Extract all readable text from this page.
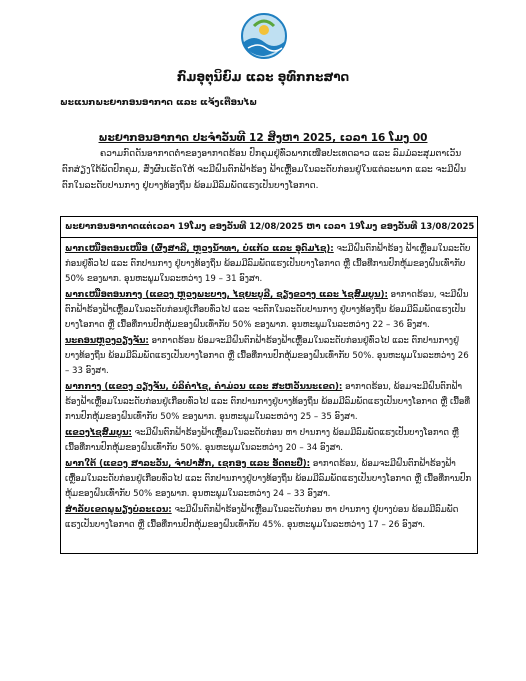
ກົມອຸຕຸນິຍົມ ແລະ ອຸທົກກະສາດ
ພະແນກພະຍາກອນອາກາດ ແລະ ແຈ້ງເຕືອນໄພ
ພະຍາກອນອາກາດ ປະຈຳວັນທີ 12 ສິງຫາ 2025, ເວລາ 16 ໂມງ 00
ຄວາມກົດດັນອາກາດຕ່ຳຂອງອາກາດຮ້ອນ ປົກຄຸມຢູ່ທົ່ວພາກເໜືອປະເທດລາວ ແລະ ລົມມໍລະສຸມຕາເວັນຕົກສ່ຽງໃຕ້ພັດປົກຄຸມ, ສົ່ງຜົນເຮັດໃຫ້ ຈະມີຝົນຕົກຟ້າຮ້ອງ ຟ້າເຫຼື້ອມໃນລະດັບກ່ອນຢູ່ໃນແຕ່ລະພາກ ແລະ ຈະມີຝົນຕົກໃນລະດັບປານກາງ ຢູ່ບາງທ້ອງຖິ່ນ ພ້ອມມີລົມພັດແຮງເປັນບາງໂອກາດ.
ພະຍາກອນອາກາດແຕ່ເວລາ 19ໂມງ ຂອງວັນທີ 12/08/2025 ຫາ ເວລາ 19ໂມງ ຂອງວັນທີ 13/08/2025
ພາກເໜືອຕອນເໜືອ (ຜົ້ງສາລີ, ຫຼວງນ້ຳທາ, ບໍ່ແກ້ວ ແລະ ອຸດົມໄຊ): ຈະມີຝົນຕົກຟ້າຮ້ອງ ຟ້າເຫຼື້ອມໃນລະດັບກ່ອນຢູ່ທົ່ວໄປ ແລະ ຕົກປານກາງ ຢູ່ບາງທ້ອງຖິ່ນ ພ້ອມມີລົມພັດແຮງເປັນບາງໂອກາດ ຫຼື ເນື້ອທີ່ການປົກຫຸ້ມຂອງຝົນເທົ່າກັບ 50% ຂອງພາກ. ອຸນຫະພູມໃນລະຫວ່າງ 19 – 31 ອົງສາ.
ພາກເໜືອຕອນກາງ (ແຂວງ ຫຼວງພະບາງ, ໄຊຍະບູລີ, ຊຽງຂວາງ ແລະ ໄຊສົມບູນ): ອາກາດຮ້ອນ, ຈະມີຝົນຕົກຟ້າຮ້ອງຟ້າເຫຼື້ອມໃນລະດັບກ່ອນຢູ່ເກືອບທົ່ວໄປ ແລະ ຈະຕົກໃນລະດັບປານກາງ ຢູ່ບາງທ້ອງຖິ່ນ ພ້ອມມີລົມພັດແຮງເປັນບາງໂອກາດ ຫຼື ເນື້ອທີ່ການປົກຫຸ້ມຂອງຝົນເທົ່າກັບ 50% ຂອງພາກ. ອຸນຫະພູມໃນລະຫວ່າງ 22 – 36 ອົງສາ.
ນະຄອນຫຼວງວຽງຈັນ: ອາກາດຮ້ອນ ພ້ອມຈະມີຝົນຕົກຟ້າຮ້ອງຟ້າເຫຼື້ອມໃນລະດັບກ່ອນຢູ່ທົ່ວໄປ ແລະ ຕົກປານກາງຢູ່ບາງທ້ອງຖິ່ນ ພ້ອມມີລົມພັດແຮງເປັນບາງໂອກາດ ຫຼື ເນື້ອທີ່ການປົກຫຸ້ມຂອງຝົນເທົ່າກັບ 50%. ອຸນຫະພູມໃນລະຫວ່າງ 26 – 33 ອົງສາ.
ພາກກາງ (ແຂວງ ວຽງຈັນ, ບໍລິຄຳໄຊ, ຄຳມ່ວນ ແລະ ສະຫວັນນະເຂດ): ອາກາດຮ້ອນ, ພ້ອມຈະມີຝົນຕົກຟ້າຮ້ອງຟ້າເຫຼື້ອມໃນລະດັບກ່ອນຢູ່ເກືອບທົ່ວໄປ ແລະ ຕົກປານກາງຢູ່ບາງທ້ອງຖິ່ນ ພ້ອມມີລົມພັດແຮງເປັນບາງໂອກາດ ຫຼື ເນື້ອທີ່ການປົກຫຸ້ມຂອງຝົນເທົ່າກັບ 50% ຂອງພາກ. ອຸນຫະພູມໃນລະຫວ່າງ 25 – 35 ອົງສາ.
ແຂວງໄຊສົມບູນ: ຈະມີຝົນຕົກຟ້າຮ້ອງຟ້າເຫຼື້ອມໃນລະດັບກ່ອນ ຫາ ປານກາງ ພ້ອມມີລົມພັດແຮງເປັນບາງໂອກາດ ຫຼື ເນື້ອທີ່ການປົກຫຸ້ມຂອງຝົນເທົ່າກັບ 50%. ອຸນຫະພູມໃນລະຫວ່າງ 20 – 34 ອົງສາ.
ພາກໃຕ້ (ແຂວງ ສາລະວັນ, ຈຳປາສັກ, ເຊກອງ ແລະ ອັດຕະປື): ອາກາດຮ້ອນ, ພ້ອມຈະມີຝົນຕົກຟ້າຮ້ອງຟ້າເຫຼື້ອມໃນລະດັບກ່ອນຢູ່ເກືອບທົ່ວໄປ ແລະ ຕົກປານກາງຢູ່ບາງທ້ອງຖິ່ນ ພ້ອມມີລົມພັດແຮງເປັນບາງໂອກາດ ຫຼື ເນື້ອທີ່ການປົກຫຸ້ມຂອງຝົນເທົ່າກັບ 50% ຂອງພາກ. ອຸນຫະພູມໃນລະຫວ່າງ 24 – 33 ອົງສາ.
ສຳລັບເຂດພູພຽງບໍລະເວນ: ຈະມີຝົນຕົກຟ້າຮ້ອງຟ້າເຫຼື້ອມໃນລະດັບກ່ອນ ຫາ ປານກາງ ຢູ່ບາງບ່ອນ ພ້ອມມີລົມພັດແຮງເປັນບາງໂອກາດ ຫຼື ເນື້ອທີ່ການປົກຫຸ້ມຂອງຝົນເທົ່າກັບ 45%. ອຸນຫະພູມໃນລະຫວ່າງ 17 – 26 ອົງສາ.
